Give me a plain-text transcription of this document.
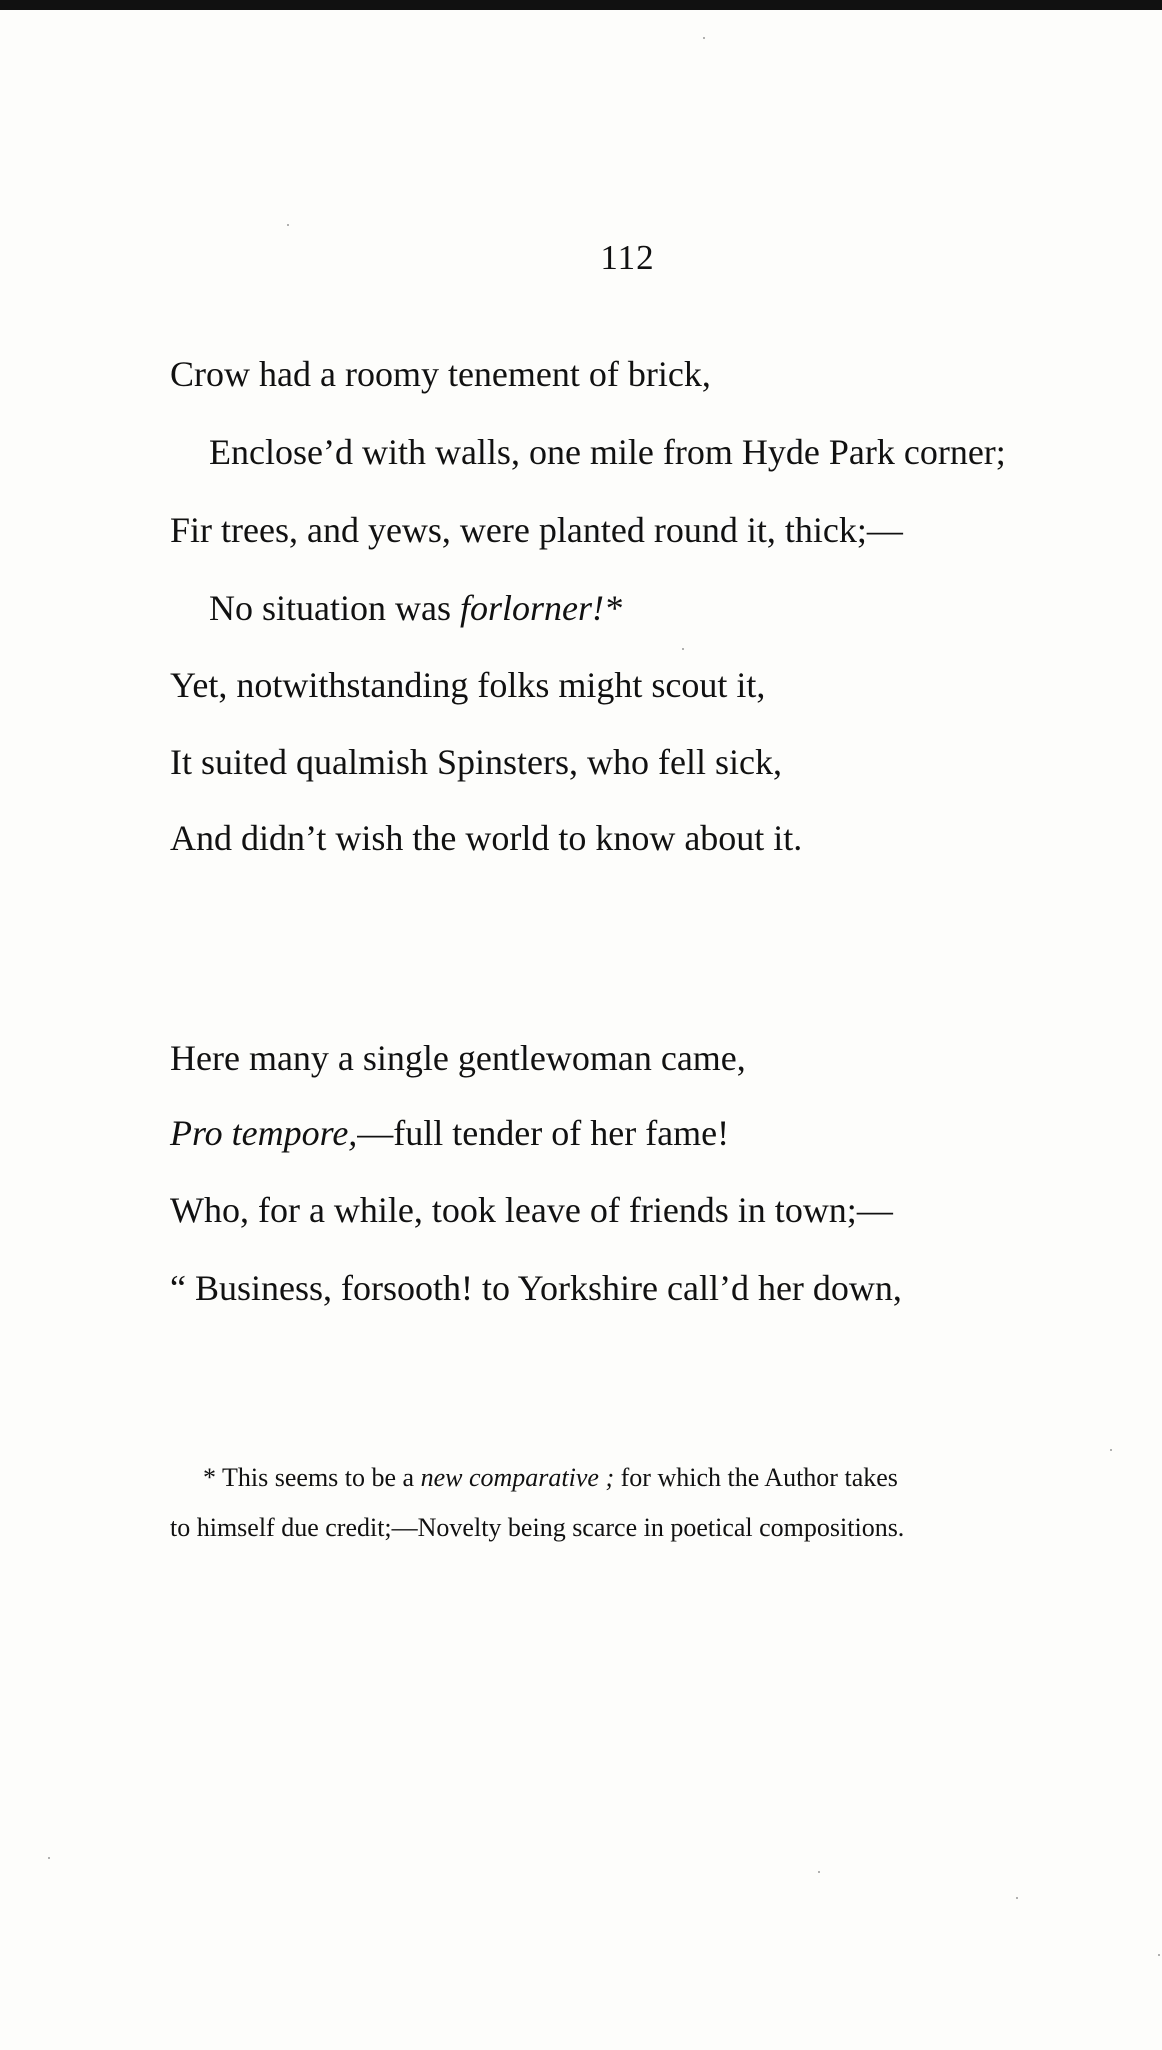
112
Crow had a roomy tenement of brick,
Enclose’d with walls, one mile from Hyde Park corner;
Fir trees, and yews, were planted round it, thick;—
No situation was forlorner!*
Yet, notwithstanding folks might scout it,
It suited qualmish Spinsters, who fell sick,
And didn’t wish the world to know about it.
Here many a single gentlewoman came,
Pro tempore,—full tender of her fame!
Who, for a while, took leave of friends in town;—
“ Business, forsooth! to Yorkshire call’d her down,
* This seems to be a new comparative ; for which the Author takes
to himself due credit;—Novelty being scarce in poetical compositions.
